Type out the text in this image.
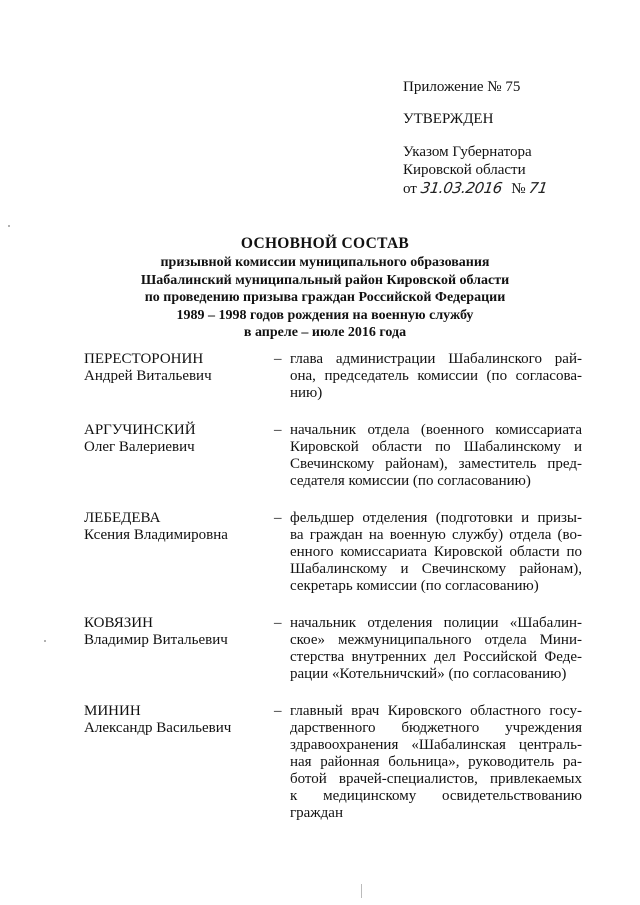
Приложение № 75
УТВЕРЖДЕН
Указом Губернатора
Кировской области
от 31.03.2016 № 71
ОСНОВНОЙ СОСТАВ
призывной комиссии муниципального образования
Шабалинский муниципальный район Кировской области
по проведению призыва граждан Российской Федерации
1989 – 1998 годов рождения на военную службу
в апреле – июле 2016 года
ПЕРЕСТОРОНИН
Андрей Витальевич
– глава администрации Шабалинского рай-
она, председатель комиссии (по согласова-
нию)
АРГУЧИНСКИЙ
Олег Валериевич
– начальник отдела (военного комиссариата
Кировской области по Шабалинскому и
Свечинскому районам), заместитель пред-
седателя комиссии (по согласованию)
ЛЕБЕДЕВА
Ксения Владимировна
– фельдшер отделения (подготовки и призы-
ва граждан на военную службу) отдела (во-
енного комиссариата Кировской области по
Шабалинскому и Свечинскому районам),
секретарь комиссии (по согласованию)
КОВЯЗИН
Владимир Витальевич
– начальник отделения полиции «Шабалин-
ское» межмуниципального отдела Мини-
стерства внутренних дел Российской Феде-
рации «Котельничский» (по согласованию)
МИНИН
Александр Васильевич
– главный врач Кировского областного госу-
дарственного бюджетного учреждения
здравоохранения «Шабалинская централь-
ная районная больница», руководитель ра-
ботой врачей-специалистов, привлекаемых
к медицинскому освидетельствованию
граждан
